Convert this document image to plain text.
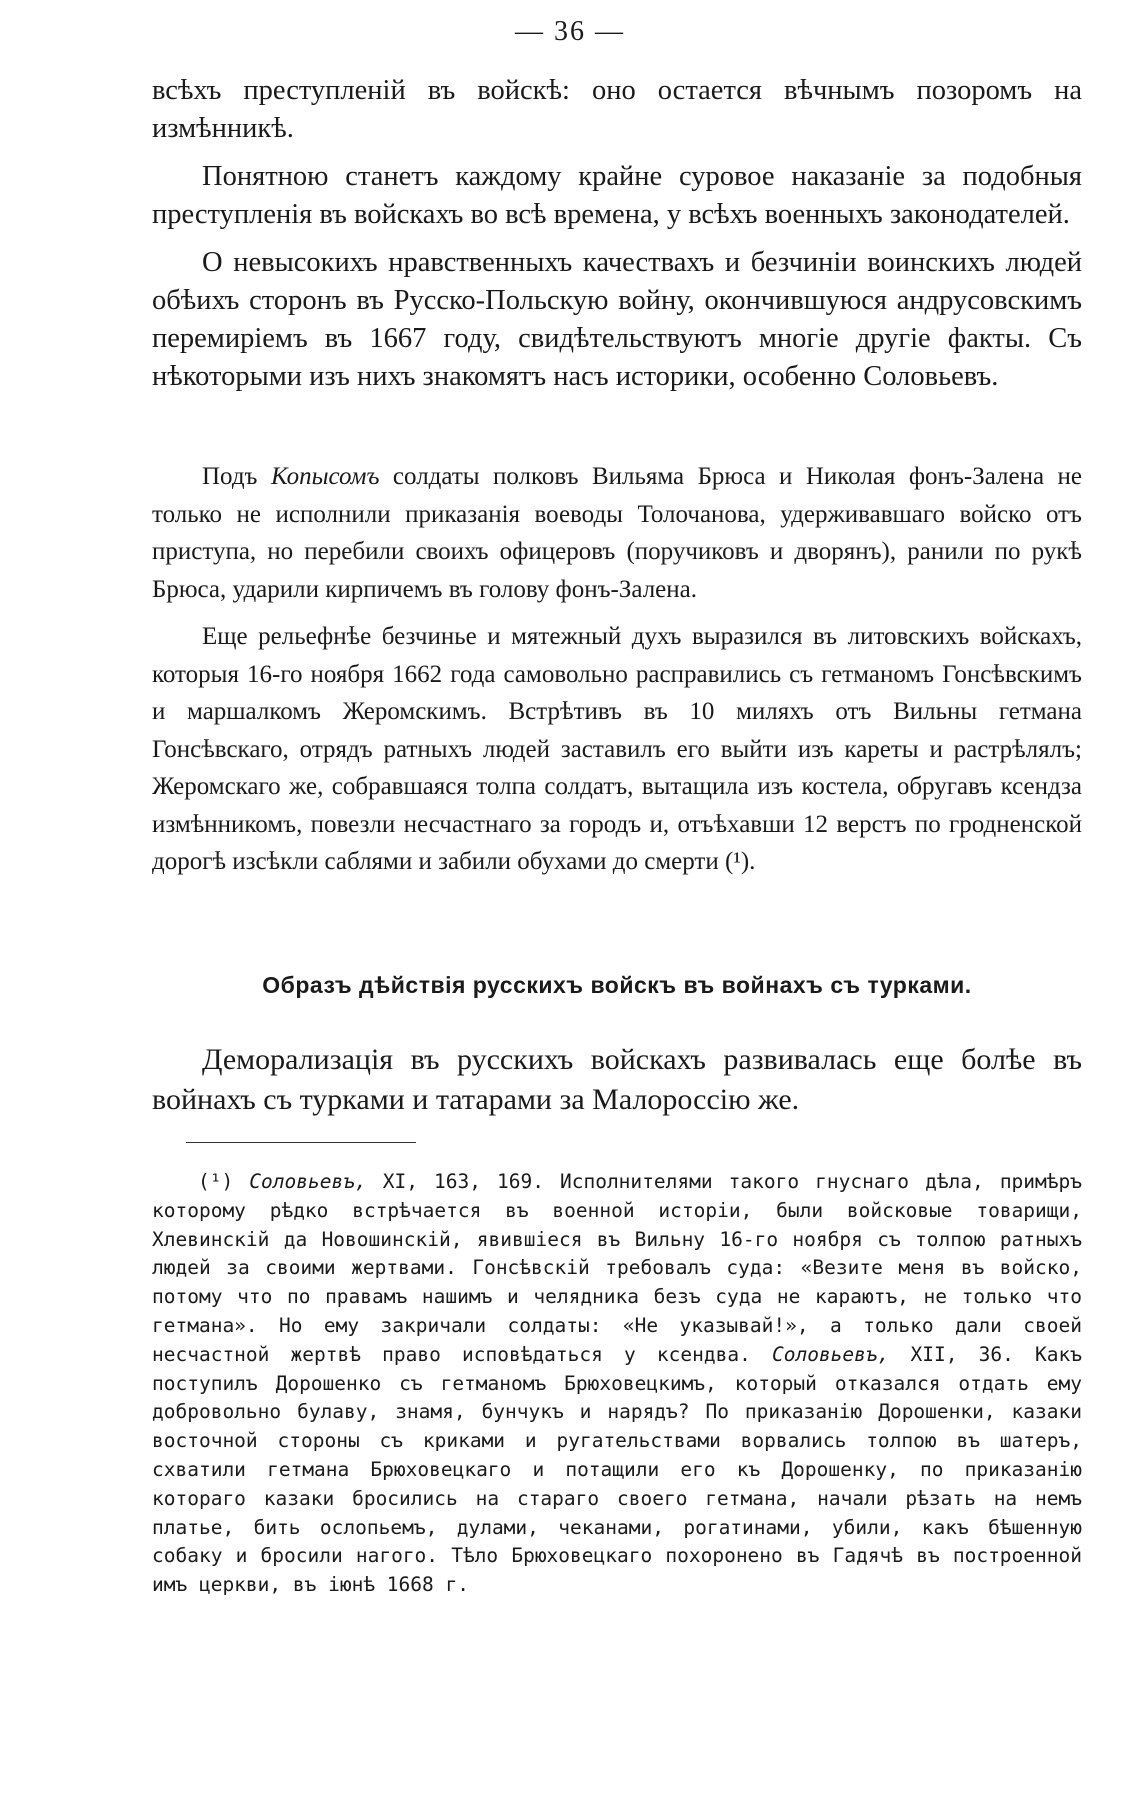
— 36 —

всѣхъ преступленій въ войскѣ: оно остается вѣчнымъ позоромъ на измѣнникѣ.

Понятною станетъ каждому крайне суровое наказаніе за подобныя преступленія въ войскахъ во всѣ времена, у всѣхъ военныхъ законодателей.

О невысокихъ нравственныхъ качествахъ и безчиніи воинскихъ людей обѣихъ сторонъ въ Русско-Польскую войну, окончившуюся андрусовскимъ перемиріемъ въ 1667 году, свидѣтельствуютъ многіе другіе факты. Съ нѣкоторыми изъ нихъ знакомятъ насъ историки, особенно Соловьевъ.

Подъ Копысомъ солдаты полковъ Вильяма Брюса и Николая фонъ-Залена не только не исполнили приказанія воеводы Толочанова, удерживавшаго войско отъ приступа, но перебили своихъ офицеровъ (поручиковъ и дворянъ), ранили по рукѣ Брюса, ударили кирпичемъ въ голову фонъ-Залена.

Еще рельефнѣе безчинье и мятежный духъ выразился въ литовскихъ войскахъ, которыя 16-го ноября 1662 года самовольно расправились съ гетманомъ Гонсѣвскимъ и маршалкомъ Жеромскимъ. Встрѣтивъ въ 10 миляхъ отъ Вильны гетмана Гонсѣвскаго, отрядъ ратныхъ людей заставилъ его выйти изъ кареты и растрѣлялъ; Жеромскаго же, собравшаяся толпа солдатъ, вытащила изъ костела, обругавъ ксендза измѣнникомъ, повезли несчастнаго за городъ и, отъѣхавши 12 верстъ по гродненской дорогѣ изсѣкли саблями и забили обухами до смерти (¹).

Образъ дѣйствія русскихъ войскъ въ войнахъ съ турками.

Деморализація въ русскихъ войскахъ развивалась еще болѣе въ войнахъ съ турками и татарами за Малороссію же.

(¹) Соловьевъ, XI, 163, 169. Исполнителями такого гнуснаго дѣла, примѣръ которому рѣдко встрѣчается въ военной исторіи, были войсковые товарищи, Хлевинскій да Новошинскій, явившіеся въ Вильну 16-го ноября съ толпою ратныхъ людей за своими жертвами. Гонсѣвскій требовалъ суда: «Везите меня въ войско, потому что по правамъ нашимъ и челядника безъ суда не караютъ, не только что гетмана». Но ему закричали солдаты: «Не указывай!», а только дали своей несчастной жертвѣ право исповѣдаться у ксендва. Соловьевъ, XII, 36. Какъ поступилъ Дорошенко съ гетманомъ Брюховецкимъ, который отказался отдать ему добровольно булаву, знамя, бунчукъ и нарядъ? По приказанію Дорошенки, казаки восточной стороны съ криками и ругательствами ворвались толпою въ шатеръ, схватили гетмана Брюховецкаго и потащили его къ Дорошенку, по приказанію котораго казаки бросились на стараго своего гетмана, начали рѣзать на немъ платье, бить ослопьемъ, дулами, чеканами, рогатинами, убили, какъ бѣшенную собаку и бросили нагого. Тѣло Брюховецкаго похоронено въ Гадячѣ въ построенной имъ церкви, въ іюнѣ 1668 г.
